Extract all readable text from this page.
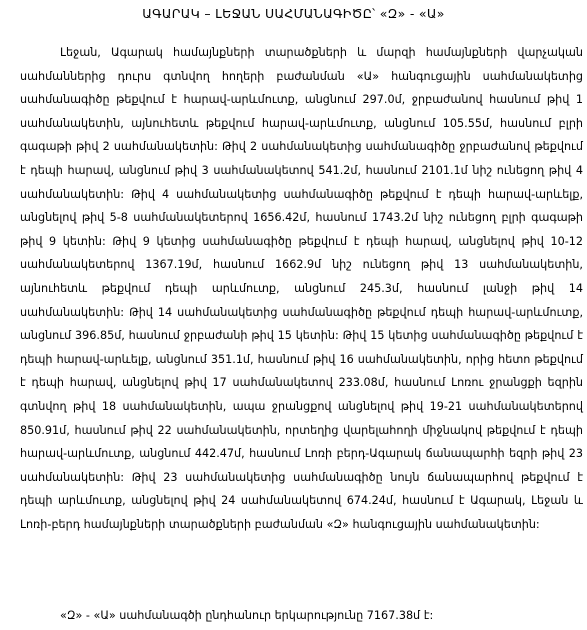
ԱԳԱՐԱԿ – ԼԵՋԱՆ ՍԱՀՄԱՆԱԳԻԾԸ՝ «Զ» - «Ա»

Լեջան, Ագարակ համայնքների տարածքների և մարզի համայնքների վարչական սահմաններից դուրս գտնվող հողերի բաժանման «Ա» հանգուցային սահմանակետից սահմանագիծը թեքվում է հարավ-արևմուտք, անցնում 297.0մ, ջրբաժանով հասնում թիվ 1 սահմանակետին, այնուհետև թեքվում հարավ-արևմուտք, անցնում 105.55մ, հասնում բլրի գագաթի թիվ 2 սահմանակետին: Թիվ 2 սահմանակետից սահմանագիծը ջրբաժանով թեքվում է դեպի հարավ, անցնում թիվ 3 սահմանակետով 541.2մ, հասնում 2101.1մ նիշ ունեցող թիվ 4 սահմանակետին: Թիվ 4 սահմանակետից սահմանագիծը թեքվում է դեպի հարավ-արևելք, անցնելով թիվ 5-8 սահմանակետերով 1656.42մ, հասնում 1743.2մ նիշ ունեցող բլրի գագաթի թիվ 9 կետին: Թիվ 9 կետից սահմանագիծը թեքվում է դեպի հարավ, անցնելով թիվ 10-12 սահմանակետերով 1367.19մ, հասնում 1662.9մ նիշ ունեցող թիվ 13 սահմանակետին, այնուհետև թեքվում դեպի արևմուտք, անցնում 245.3մ, հասնում լանջի թիվ 14 սահմանակետին: Թիվ 14 սահմանակետից սահմանագիծը թեքվում դեպի հարավ-արևմուտք, անցնում 396.85մ, հասնում ջրբաժանի թիվ 15 կետին: Թիվ 15 կետից սահմանագիծը թեքվում է դեպի հարավ-արևելք, անցնում 351.1մ, հասնում թիվ 16 սահմանակետին, որից հետո թեքվում է դեպի հարավ, անցնելով թիվ 17 սահմանակետով 233.08մ, հասնում Լոռու ջրանցքի եզրին գտնվող թիվ 18 սահմանակետին, ապա ջրանցքով անցնելով թիվ 19-21 սահմանակետերով 850.91մ, հասնում թիվ 22 սահմանակետին, որտեղից վարելահողի միջնակով թեքվում է դեպի հարավ-արևմուտք, անցնում 442.47մ, հասնում Լոռի բերդ-Ագարակ ճանապարհի եզրի թիվ 23 սահմանակետին: Թիվ 23 սահմանակետից սահմանագիծը նույն ճանապարհով թեքվում է դեպի արևմուտք, անցնելով թիվ 24 սահմանակետով 674.24մ, հասնում է Ագարակ, Լեջան և Լոռի-բերդ համայնքների տարածքների բաժանման «Զ» հանգուցային սահմանակետին:

«Զ» - «Ա» սահմանագծի ընդհանուր երկարությունը 7167.38մ է:
